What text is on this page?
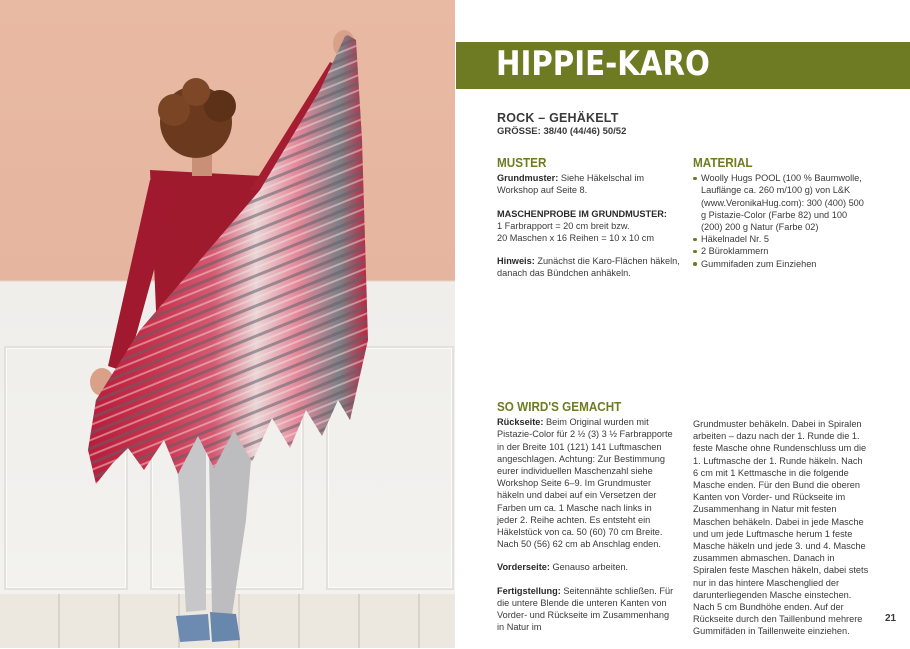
HIPPIE-KARO
ROCK – GEHÄKELT
GRÖSSE: 38/40 (44/46) 50/52
MUSTER

Grundmuster: Siehe Häkelschal im Workshop auf Seite 8.

MASCHENPROBE IM GRUNDMUSTER:
1 Farbrapport = 20 cm breit bzw.
20 Maschen x 16 Reihen = 10 x 10 cm

Hinweis: Zunächst die Karo-Flächen häkeln, danach das Bündchen anhäkeln.

MATERIAL
Woolly Hugs POOL (100 % Baumwolle, Lauflänge ca. 260 m/100 g) von L&K (www.VeronikaHug.com): 300 (400) 500 g Pistazie-Color (Farbe 82) und 100 (200) 200 g Natur (Farbe 02)
Häkelnadel Nr. 5
2 Büroklammern
Gummifaden zum Einziehen
SO WIRD'S GEMACHT

Rückseite: Beim Original wurden mit Pistazie-Color für 2 ½ (3) 3 ½ Farbrapporte in der Breite 101 (121) 141 Luftmaschen angeschlagen. Achtung: Zur Bestimmung eurer individuellen Maschenzahl siehe Workshop Seite 6–9. Im Grundmuster häkeln und dabei auf ein Versetzen der Farben um ca. 1 Masche nach links in jeder 2. Reihe achten. Es entsteht ein Häkelstück von ca. 50 (60) 70 cm Breite. Nach 50 (56) 62 cm ab Anschlag enden.

Vorderseite: Genauso arbeiten.

Fertigstellung: Seitennähte schließen. Für die untere Blende die unteren Kanten von Vorder- und Rückseite im Zusammenhang in Natur im

Grundmuster behäkeln. Dabei in Spiralen arbeiten – dazu nach der 1. Runde die 1. feste Masche ohne Rundenschluss um die 1. Luftmasche der 1. Runde häkeln. Nach 6 cm mit 1 Kettmasche in die folgende Masche enden. Für den Bund die oberen Kanten von Vorder- und Rückseite im Zusammenhang in Natur mit festen Maschen behäkeln. Dabei in jede Masche und um jede Luftmasche herum 1 feste Masche häkeln und jede 3. und 4. Masche zusammen abmaschen. Danach in Spiralen feste Maschen häkeln, dabei stets nur in das hintere Maschenglied der darunterliegenden Masche einstechen. Nach 5 cm Bundhöhe enden. Auf der Rückseite durch den Taillenbund mehrere Gummifäden in Taillenweite einziehen.

21
